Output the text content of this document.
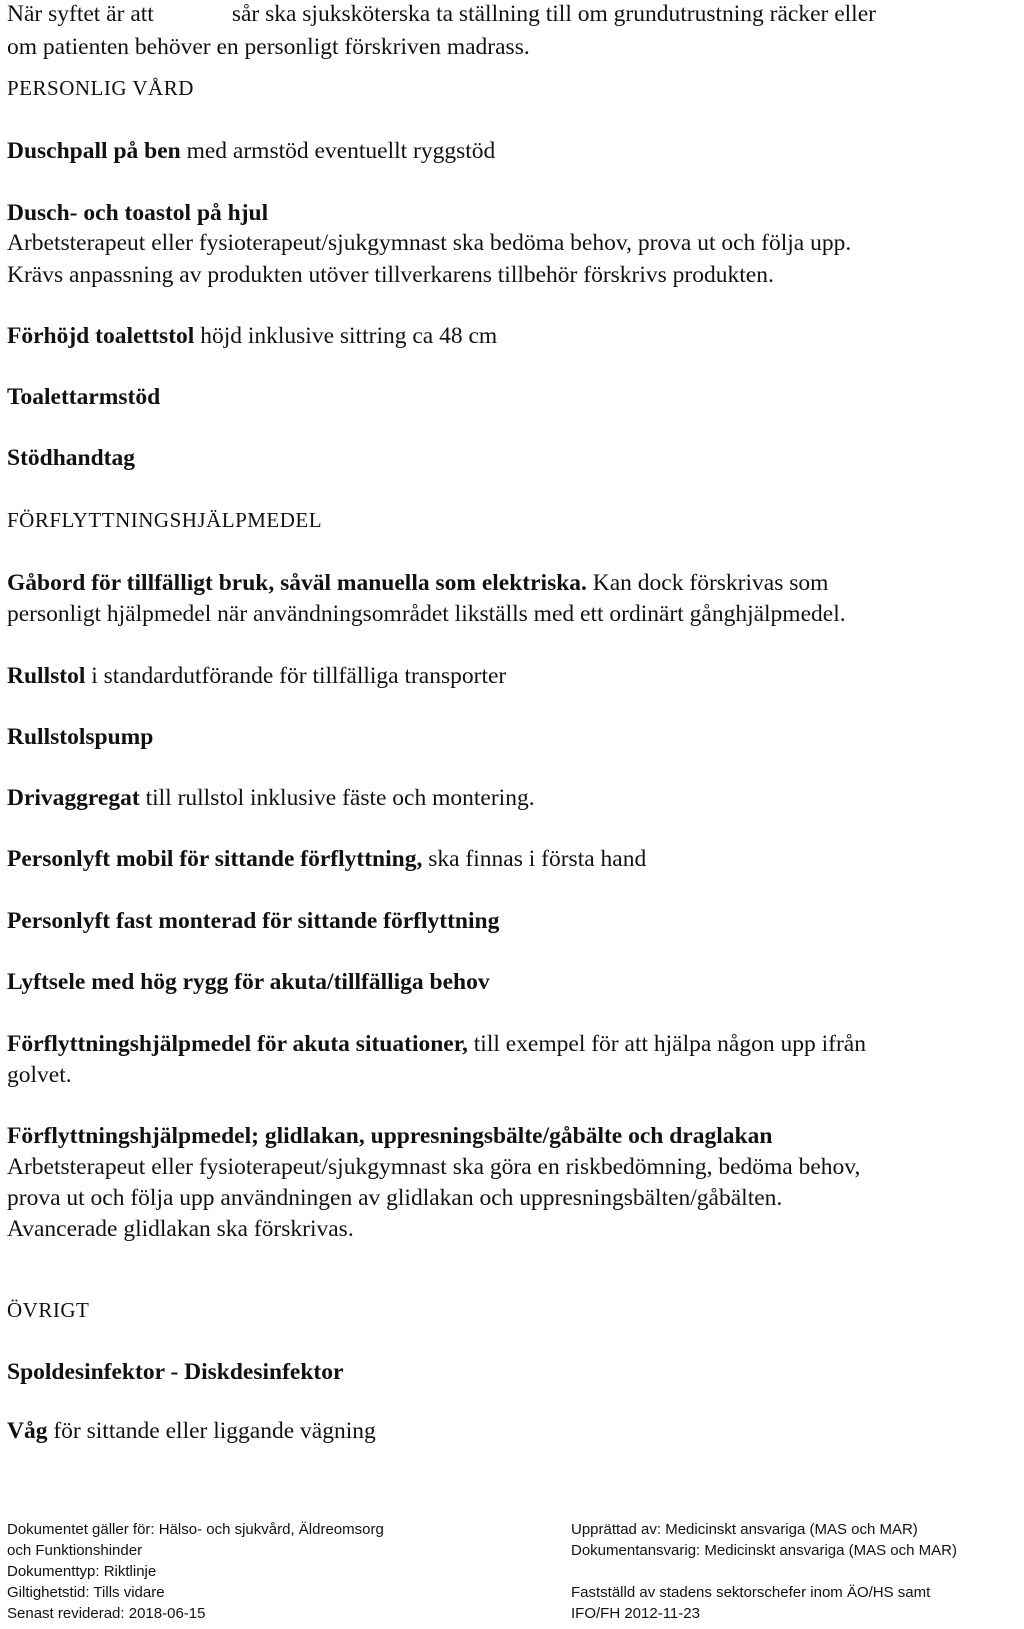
När syftet är att	sår ska sjuksköterska ta ställning till om grundutrustning räcker eller
om patienten behöver en personligt förskriven madrass.
PERSONLIG VÅRD
Duschpall på ben med armstöd eventuellt ryggstöd
Dusch- och toastol på hjul
Arbetsterapeut eller fysioterapeut/sjukgymnast ska bedöma behov, prova ut och följa upp.
Krävs anpassning av produkten utöver tillverkarens tillbehör förskrivs produkten.
Förhöjd toalettstol höjd inklusive sittring ca 48 cm
Toalettarmstöd
Stödhandtag
FÖRFLYTTNINGSHJÄLPMEDEL
Gåbord för tillfälligt bruk, såväl manuella som elektriska. Kan dock förskrivas som
personligt hjälpmedel när användningsområdet likställs med ett ordinärt gånghjälpmedel.
Rullstol i standardutförande för tillfälliga transporter
Rullstolspump
Drivaggregat till rullstol inklusive fäste och montering.
Personlyft mobil för sittande förflyttning, ska finnas i första hand
Personlyft fast monterad för sittande förflyttning
Lyftsele med hög rygg för akuta/tillfälliga behov
Förflyttningshjälpmedel för akuta situationer, till exempel för att hjälpa någon upp ifrån
golvet.
Förflyttningshjälpmedel; glidlakan, uppresningsbälte/gåbälte och draglakan
Arbetsterapeut eller fysioterapeut/sjukgymnast ska göra en riskbedömning, bedöma behov,
prova ut och följa upp användningen av glidlakan och uppresningsbälten/gåbälten.
Avancerade glidlakan ska förskrivas.
ÖVRIGT
Spoldesinfektor - Diskdesinfektor
Våg för sittande eller liggande vägning
Dokumentet gäller för: Hälso- och sjukvård, Äldreomsorg
och Funktionshinder
Dokumenttyp: Riktlinje
Giltighetstid: Tills vidare
Senast reviderad: 2018-06-15
Upprättad av: Medicinskt ansvariga (MAS och MAR)
Dokumentansvarig: Medicinskt ansvariga (MAS och MAR)
Fastställd av stadens sektorschefer inom ÄO/HS samt
IFO/FH 2012-11-23
